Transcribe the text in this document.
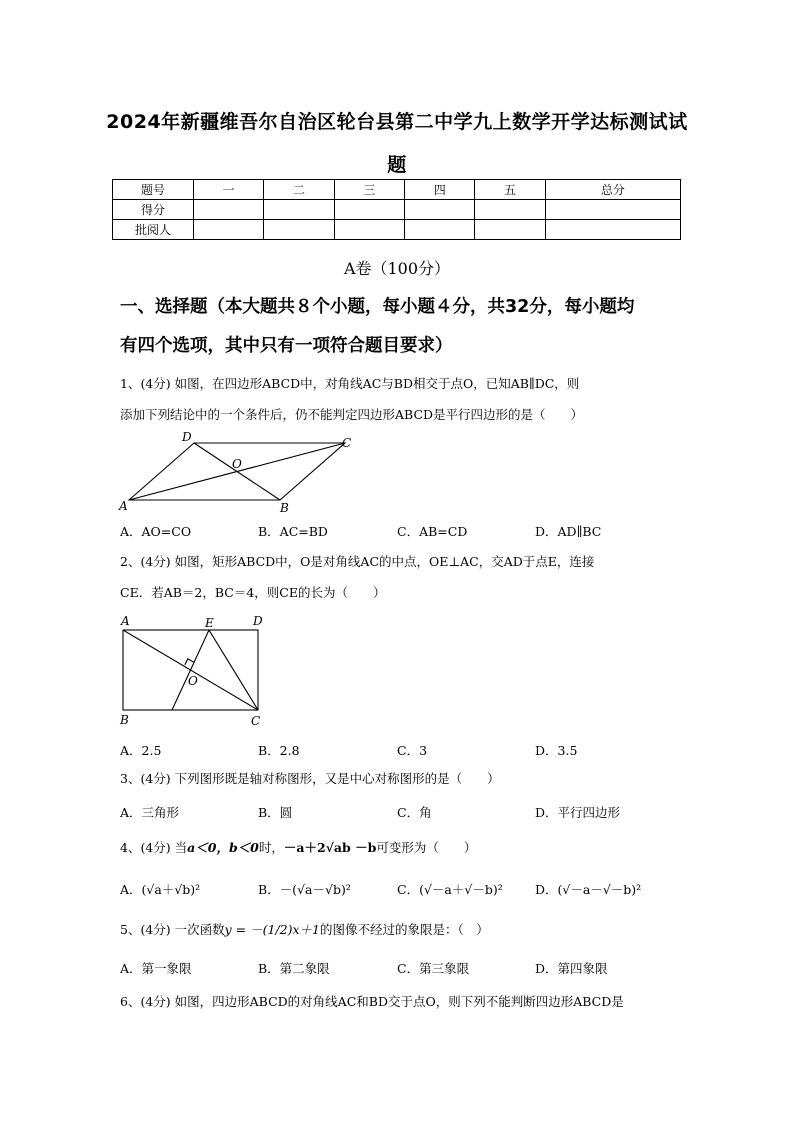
2024年新疆维吾尔自治区轮台县第二中学九上数学开学达标测试试
题
题号	一	二	三	四	五	总分
得分						
批阅人						
A卷（100分）
一、选择题（本大题共８个小题，每小题４分，共32分，每小题均
有四个选项，其中只有一项符合题目要求）
1、(4分) 如图，在四边形ABCD中，对角线AC与BD相交于点O，已知AB∥DC，则
添加下列结论中的一个条件后，仍不能判定四边形ABCD是平行四边形的是（　　）
D	C
O
A	B
A．AO=CO	B．AC=BD	C．AB=CD	D．AD∥BC
2、(4分) 如图，矩形ABCD中，O是对角线AC的中点，OE⊥AC，交AD于点E，连接
CE．若AB＝2，BC＝4，则CE的长为（　　）
A	E	D
O
B	C
A．2.5	B．2.8	C．3	D．3.5
3、(4分) 下列图形既是轴对称图形，又是中心对称图形的是（　　）
A．三角形	B．圆	C．角	D．平行四边形
4、(4分) 当a＜0，b＜0时，－a＋2√ab －b可变形为（　　）
A．(√a＋√b)²	B．－(√a－√b)²	C．(√－a＋√－b)²	D．(√－a－√－b)²
5、(4分) 一次函数y = －(1/2)x＋1的图像不经过的象限是：（　）
A．第一象限	B．第二象限	C．第三象限	D．第四象限
6、(4分) 如图，四边形ABCD的对角线AC和BD交于点O，则下列不能判断四边形ABCD是
